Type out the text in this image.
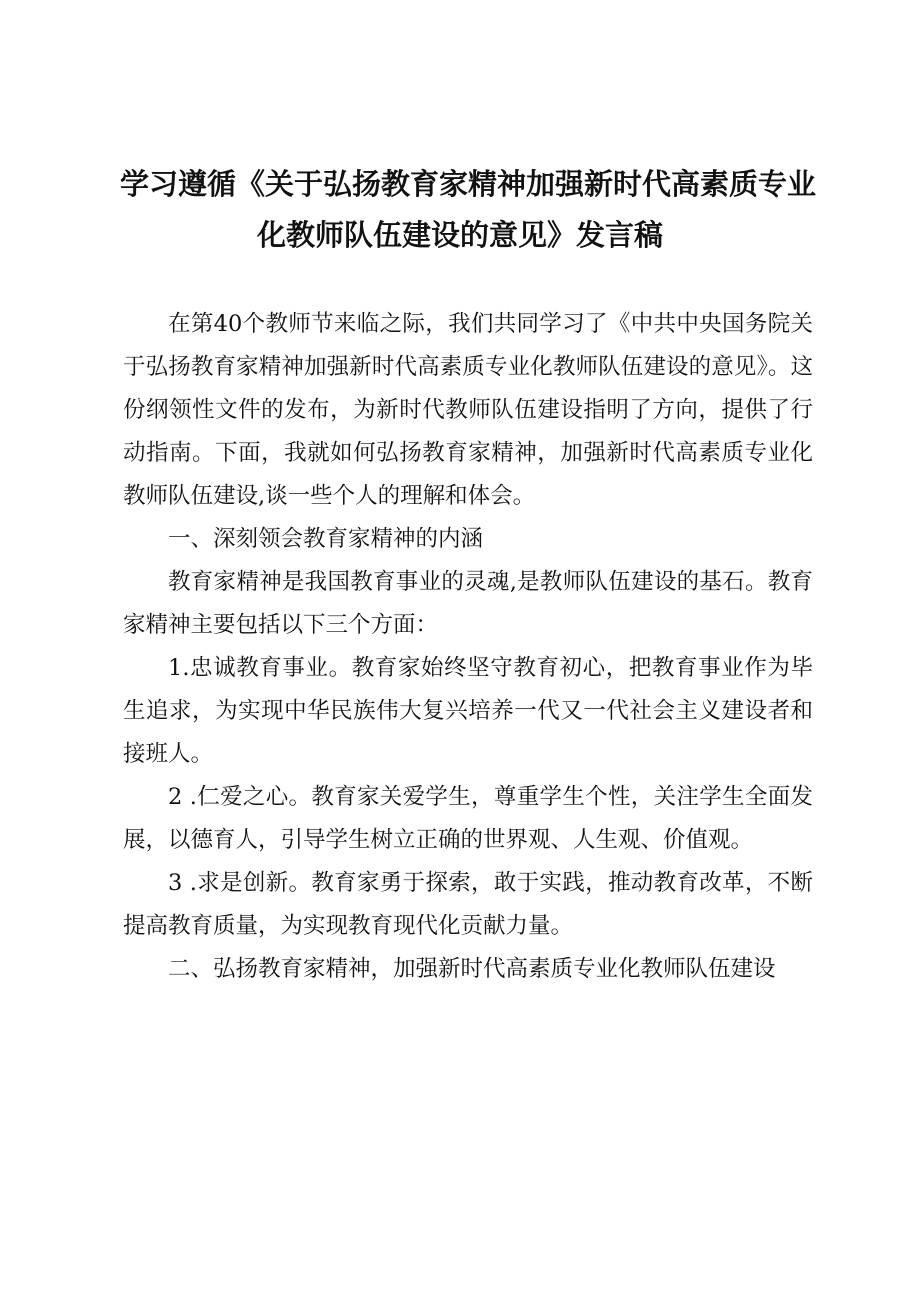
学习遵循《关于弘扬教育家精神加强新时代高素质专业
化教师队伍建设的意见》发言稿

在第40个教师节来临之际，我们共同学习了《中共中央国务院关于弘扬教育家精神加强新时代高素质专业化教师队伍建设的意见》。这份纲领性文件的发布，为新时代教师队伍建设指明了方向，提供了行动指南。下面，我就如何弘扬教育家精神，加强新时代高素质专业化教师队伍建设,谈一些个人的理解和体会。

一、深刻领会教育家精神的内涵

教育家精神是我国教育事业的灵魂,是教师队伍建设的基石。教育家精神主要包括以下三个方面：

1.忠诚教育事业。教育家始终坚守教育初心，把教育事业作为毕生追求，为实现中华民族伟大复兴培养一代又一代社会主义建设者和接班人。

2 .仁爱之心。教育家关爱学生，尊重学生个性，关注学生全面发展，以德育人，引导学生树立正确的世界观、人生观、价值观。

3 .求是创新。教育家勇于探索，敢于实践，推动教育改革，不断提高教育质量，为实现教育现代化贡献力量。

二、弘扬教育家精神，加强新时代高素质专业化教师队伍建设
